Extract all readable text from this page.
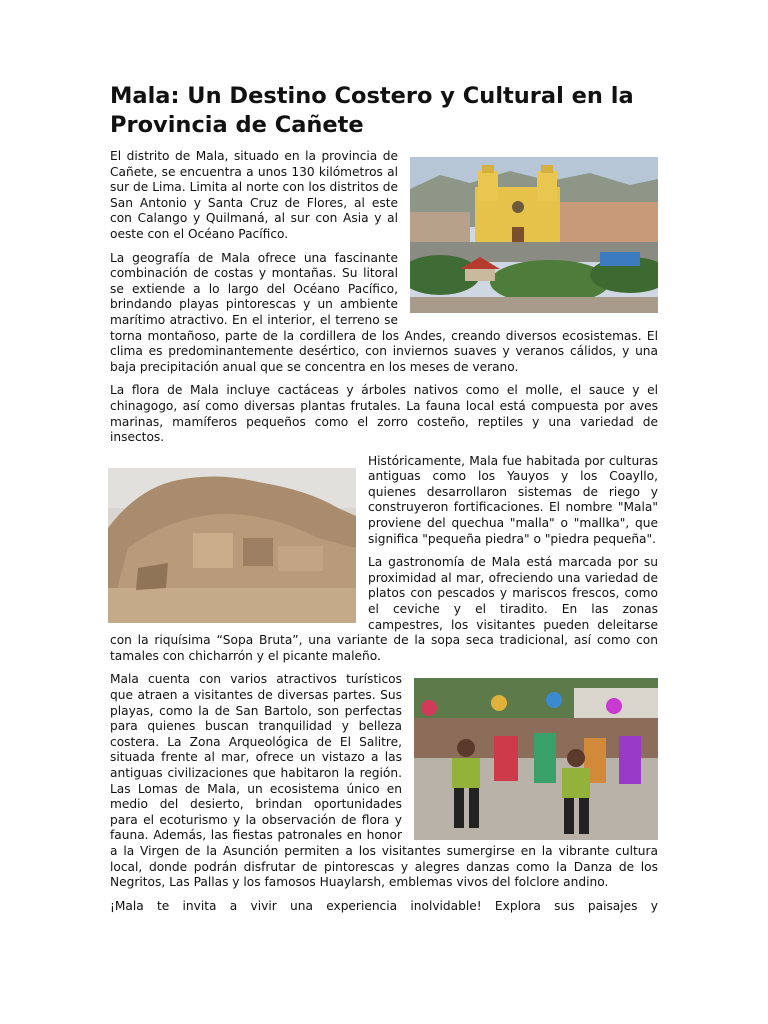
Mala: Un Destino Costero y Cultural en la Provincia de Cañete

El distrito de Mala, situado en la provincia de Cañete, se encuentra a unos 130 kilómetros al sur de Lima. Limita al norte con los distritos de San Antonio y Santa Cruz de Flores, al este con Calango y Quilmaná, al sur con Asia y al oeste con el Océano Pacífico.

La geografía de Mala ofrece una fascinante combinación de costas y montañas. Su litoral se extiende a lo largo del Océano Pacífico, brindando playas pintorescas y un ambiente marítimo atractivo. En el interior, el terreno se torna montañoso, parte de la cordillera de los Andes, creando diversos ecosistemas. El clima es predominantemente desértico, con inviernos suaves y veranos cálidos, y una baja precipitación anual que se concentra en los meses de verano.

La flora de Mala incluye cactáceas y árboles nativos como el molle, el sauce y el chinagogo, así como diversas plantas frutales. La fauna local está compuesta por aves marinas, mamíferos pequeños como el zorro costeño, reptiles y una variedad de insectos.

Históricamente, Mala fue habitada por culturas antiguas como los Yauyos y los Coayllo, quienes desarrollaron sistemas de riego y construyeron fortificaciones. El nombre "Mala" proviene del quechua "malla" o "mallka", que significa "pequeña piedra" o "piedra pequeña".

La gastronomía de Mala está marcada por su proximidad al mar, ofreciendo una variedad de platos con pescados y mariscos frescos, como el ceviche y el tiradito. En las zonas campestres, los visitantes pueden deleitarse con la riquísima “Sopa Bruta”, una variante de la sopa seca tradicional, así como con tamales con chicharrón y el picante maleño.

Mala cuenta con varios atractivos turísticos que atraen a visitantes de diversas partes. Sus playas, como la de San Bartolo, son perfectas para quienes buscan tranquilidad y belleza costera. La Zona Arqueológica de El Salitre, situada frente al mar, ofrece un vistazo a las antiguas civilizaciones que habitaron la región. Las Lomas de Mala, un ecosistema único en medio del desierto, brindan oportunidades para el ecoturismo y la observación de flora y fauna. Además, las fiestas patronales en honor a la Virgen de la Asunción permiten a los visitantes sumergirse en la vibrante cultura local, donde podrán disfrutar de pintorescas y alegres danzas como la Danza de los Negritos, Las Pallas y los famosos Huaylarsh, emblemas vivos del folclore andino.

¡Mala te invita a vivir una experiencia inolvidable! Explora sus paisajes y
